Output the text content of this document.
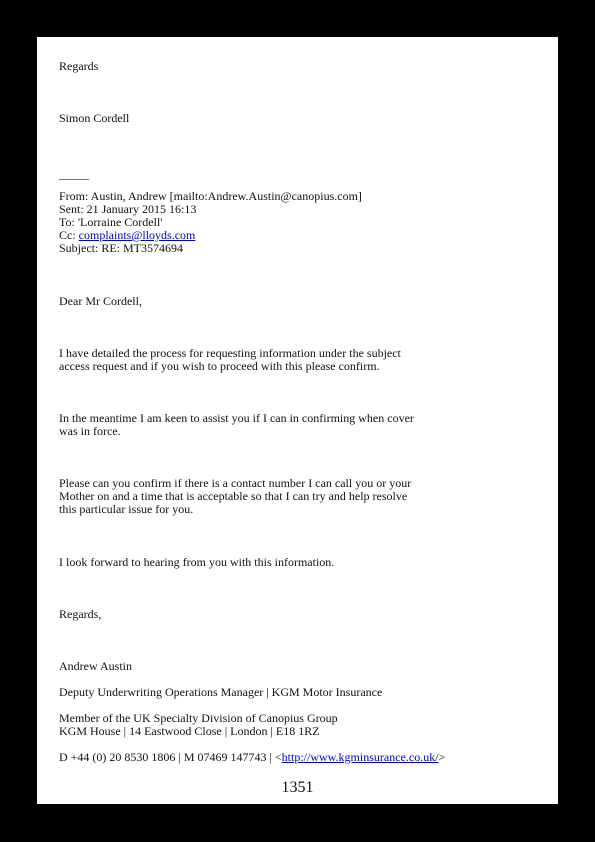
Regards
Simon Cordell
_____
From: Austin, Andrew [mailto:Andrew.Austin@canopius.com]
Sent: 21 January 2015 16:13
To: 'Lorraine Cordell'
Cc: complaints@lloyds.com
Subject: RE: MT3574694
Dear Mr Cordell,
I have detailed the process for requesting information under the subject
access request and if you wish to proceed with this please confirm.
In the meantime I am keen to assist you if I can in confirming when cover
was in force.
Please can you confirm if there is a contact number I can call you or your
Mother on and a time that is acceptable so that I can try and help resolve
this particular issue for you.
I look forward to hearing from you with this information.
Regards,
Andrew Austin
Deputy Underwriting Operations Manager | KGM Motor Insurance
Member of the UK Specialty Division of Canopius Group
KGM House | 14 Eastwood Close | London | E18 1RZ
D +44 (0) 20 8530 1806 | M 07469 147743 | <http://www.kgminsurance.co.uk/>
1351
